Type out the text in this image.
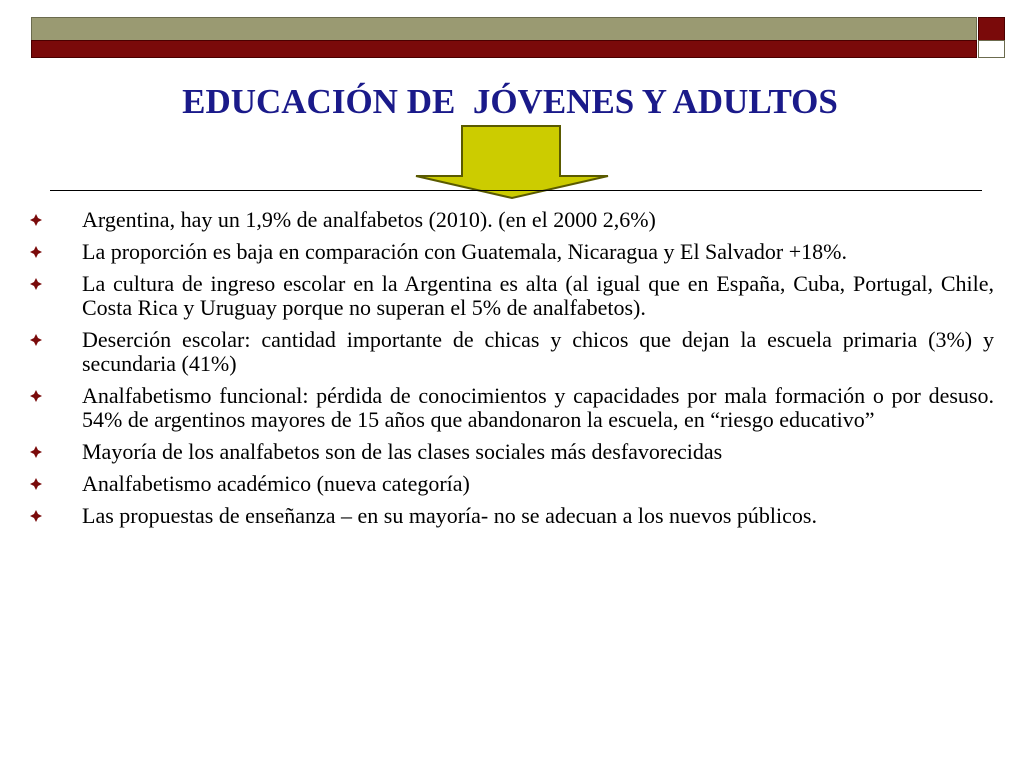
EDUCACIÓN DE  JÓVENES Y ADULTOS
Argentina, hay un 1,9% de analfabetos (2010). (en el 2000 2,6%)
La proporción es baja en comparación con Guatemala, Nicaragua y El Salvador +18%.
La cultura de ingreso escolar en la Argentina es alta (al igual que en España, Cuba, Portugal, Chile, Costa Rica y Uruguay porque no superan el 5% de analfabetos).
Deserción escolar: cantidad importante de chicas y chicos que dejan la escuela primaria (3%) y secundaria (41%)
Analfabetismo funcional: pérdida de conocimientos y capacidades por mala formación o por desuso. 54% de argentinos mayores de 15 años que abandonaron la escuela, en “riesgo educativo”
Mayoría de los analfabetos son de las clases sociales más desfavorecidas
Analfabetismo académico (nueva categoría)
Las propuestas de enseñanza – en su mayoría- no se adecuan a los nuevos públicos.
